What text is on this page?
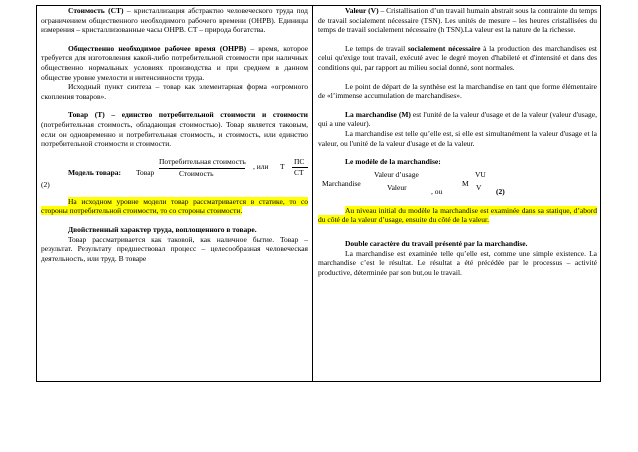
Стоимость (СТ) – кристаллизация абстрактно человеческого труда под ограничением общественного необходимого рабочего времени (ОНРВ). Единицы измерения – кристаллизованные часы ОНРВ. СТ – природа богатства.

Общественно необходимое рабочее время (ОНРВ) – время, которое требуется для изготовления какой-либо потребительной стоимости при наличных общественно нормальных условиях производства и при среднем в данном обществе уровне умелости и интенсивности труда.

Исходный пункт синтеза – товар как элементарная форма «огромного скопления товаров».

Товар (Т) – единство потребительной стоимости и стоимости (потребительная стоимость, обладающая стоимостью). Товар является таковым, если он одновременно и потребительная стоимость, и стоимость, или единство потребительной стоимости и стоимости.

Модель товара: Товар
Потребительная стоимость
Стоимость
, или Т
ПС
СТ
(2)

На исходном уровне модели товар рассматривается в статике, то со стороны потребительной стоимости, то со стороны стоимости.

Двойственный характер труда, воплощенного в товаре.

Товар рассматривается как таковой, как наличное бытие. Товар – результат. Результату предшествовал процесс – целесообразная человеческая деятельность, или труд. В товаре

Valeur (V) – Cristallisation d’un travail humain abstrait sous la contrainte du temps de travail socialement nécessaire (TSN). Les unités de mesure – les heures cristallisées du temps de travail socialement nécessaire (h TSN).La valeur est la nature de la richesse.

Le temps de travail socialement nécessaire à la production des marchandises est celui qu'exige tout travail, exécuté avec le degré moyen d'habileté et d'intensité et dans des conditions qui, par rapport au milieu social donné, sont normales.

Le point de départ de la synthèse est la marchandise en tant que forme élémentaire de «l’immense accumulation de marchandises».

La marchandise (M) est l'unité de la valeur d'usage et de la valeur (valeur d'usage, qui a une valeur).

La marchandise est telle qu’elle est, si elle est simultanément la valeur d'usage et la valeur, ou l'unité de la valeur d'usage et de la valeur.

Le modèle de la marchandise:

Marchandise
Valeur d’usage
Valeur	, ou
M
VU
V (2)

Au niveau initial du modèle la marchandise est examinée dans sa statique, d’abord du côté de la valeur d’usage, ensuite du côté de la valeur.

Double caractère du travail présenté par la marchandise.

La marchandise est examinée telle qu’elle est, comme une simple existence. La marchandise c’est le résultat. Le résultat a été précédée par le processus – activité productive, déterminée par son but,ou le travail.
